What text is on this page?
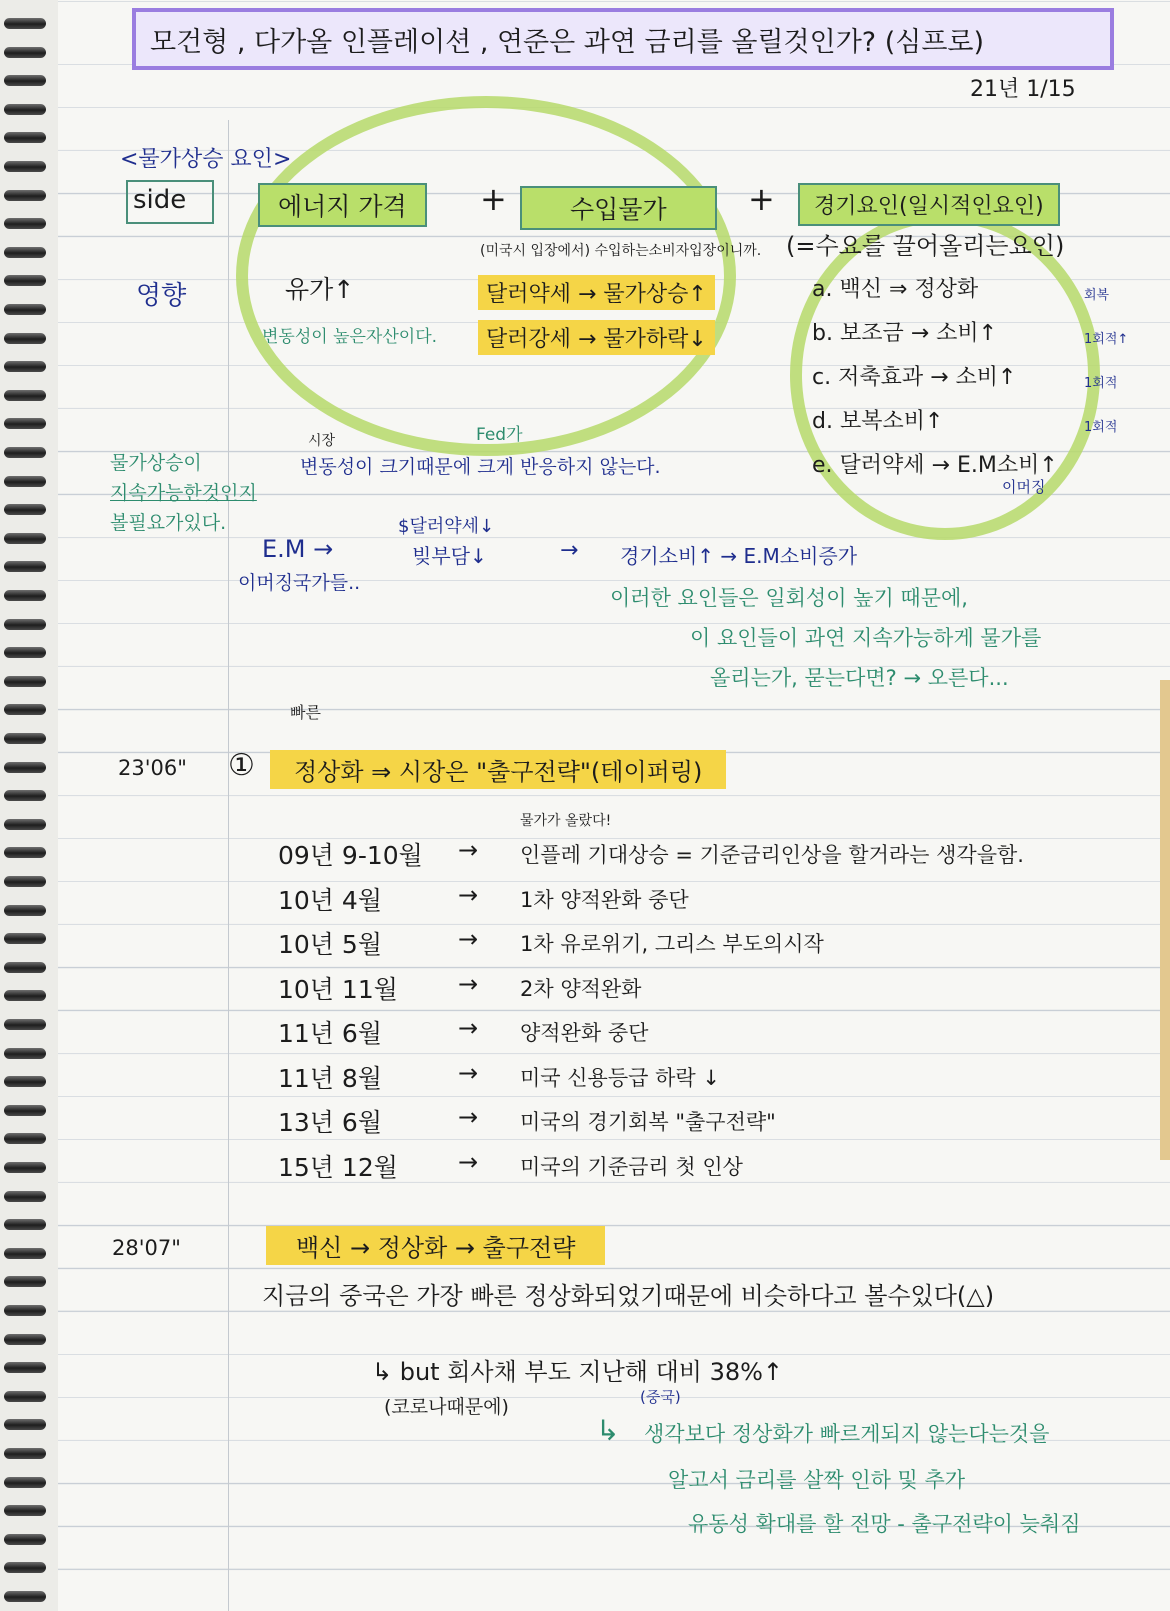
모건형 , 다가올 인플레이션 , 연준은 과연 금리를 올릴것인가? (심프로)
21년 1/15
<물가상승 요인>
side	에너지 가격	+	수입물가	+	경기요인(일시적인요인)
(=수요를 끌어올리는요인)
영향	유가↑
변동성이 높은자산이다.
(미국시 입장에서) 수입하는소비자입장이니까.
달러약세 → 물가상승↑
달러강세 → 물가하락↓
a. 백신 ⇒ 정상화	회복
b. 보조금 → 소비↑	1회적↑
c. 저축효과 → 소비↑	1회적
d. 보복소비↑	1회적
e. 달러약세 → E.M소비↑
이머징
시장	Fed가
물가상승이
지속가능한것인지
볼필요가있다.
변동성이 크기때문에 크게 반응하지 않는다.
E.M →
$달러약세↓
빚부담↓	→ 경기소비↑ → E.M소비증가
이머징국가들..
이러한 요인들은 일회성이 높기 때문에,
이 요인들이 과연 지속가능하게 물가를
올리는가, 묻는다면? → 오른다...
빠른
23'06" ①	정상화 ⇒ 시장은 "출구전략"(테이퍼링)
물가가 올랐다!
09년 9-10월 → 인플레 기대상승 = 기준금리인상을 할거라는 생각을함.
10년 4월	→ 1차 양적완화 중단
10년 5월	→ 1차 유로위기, 그리스 부도의시작
10년 11월	→ 2차 양적완화
11년 6월	→ 양적완화 중단
11년 8월	→ 미국 신용등급 하락 ↓
13년 6월	→ 미국의 경기회복 "출구전략"
15년 12월	→ 미국의 기준금리 첫 인상
28'07"	백신 → 정상화 → 출구전략
지금의 중국은 가장 빠른 정상화되었기때문에 비슷하다고 볼수있다(△)
↳ but 회사채 부도 지난해 대비 38%↑
(코로나때문에)	(중국)
↳ 생각보다 정상화가 빠르게되지 않는다는것을
알고서 금리를 살짝 인하 및 추가
유동성 확대를 할 전망 - 출구전략이 늦춰짐
